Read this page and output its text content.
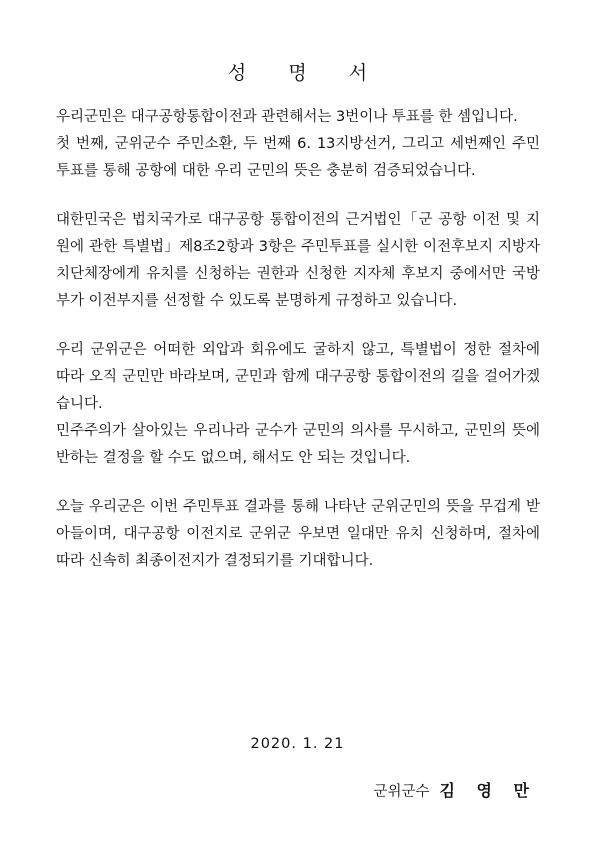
성 명 서

우리군민은 대구공항통합이전과 관련해서는 3번이나 투표를 한 셈입니다.

첫 번째, 군위군수 주민소환, 두 번째 6. 13지방선거, 그리고 세번째인 주민투표를 통해 공항에 대한 우리 군민의 뜻은 충분히 검증되었습니다.

대한민국은 법치국가로 대구공항 통합이전의 근거법인「군 공항 이전 및 지원에 관한 특별법」제8조2항과 3항은 주민투표를 실시한 이전후보지 지방자치단체장에게 유치를 신청하는 권한과 신청한 지자체 후보지 중에서만 국방부가 이전부지를 선정할 수 있도록 분명하게 규정하고 있습니다.

우리 군위군은 어떠한 외압과 회유에도 굴하지 않고, 특별법이 정한 절차에 따라 오직 군민만 바라보며, 군민과 함께 대구공항 통합이전의 길을 걸어가겠습니다.

민주주의가 살아있는 우리나라 군수가 군민의 의사를 무시하고, 군민의 뜻에 반하는 결정을 할 수도 없으며, 해서도 안 되는 것입니다.

오늘 우리군은 이번 주민투표 결과를 통해 나타난 군위군민의 뜻을 무겁게 받아들이며, 대구공항 이전지로 군위군 우보면 일대만 유치 신청하며, 절차에 따라 신속히 최종이전지가 결정되기를 기대합니다.

2020. 1. 21
군위군수 김 영 만
